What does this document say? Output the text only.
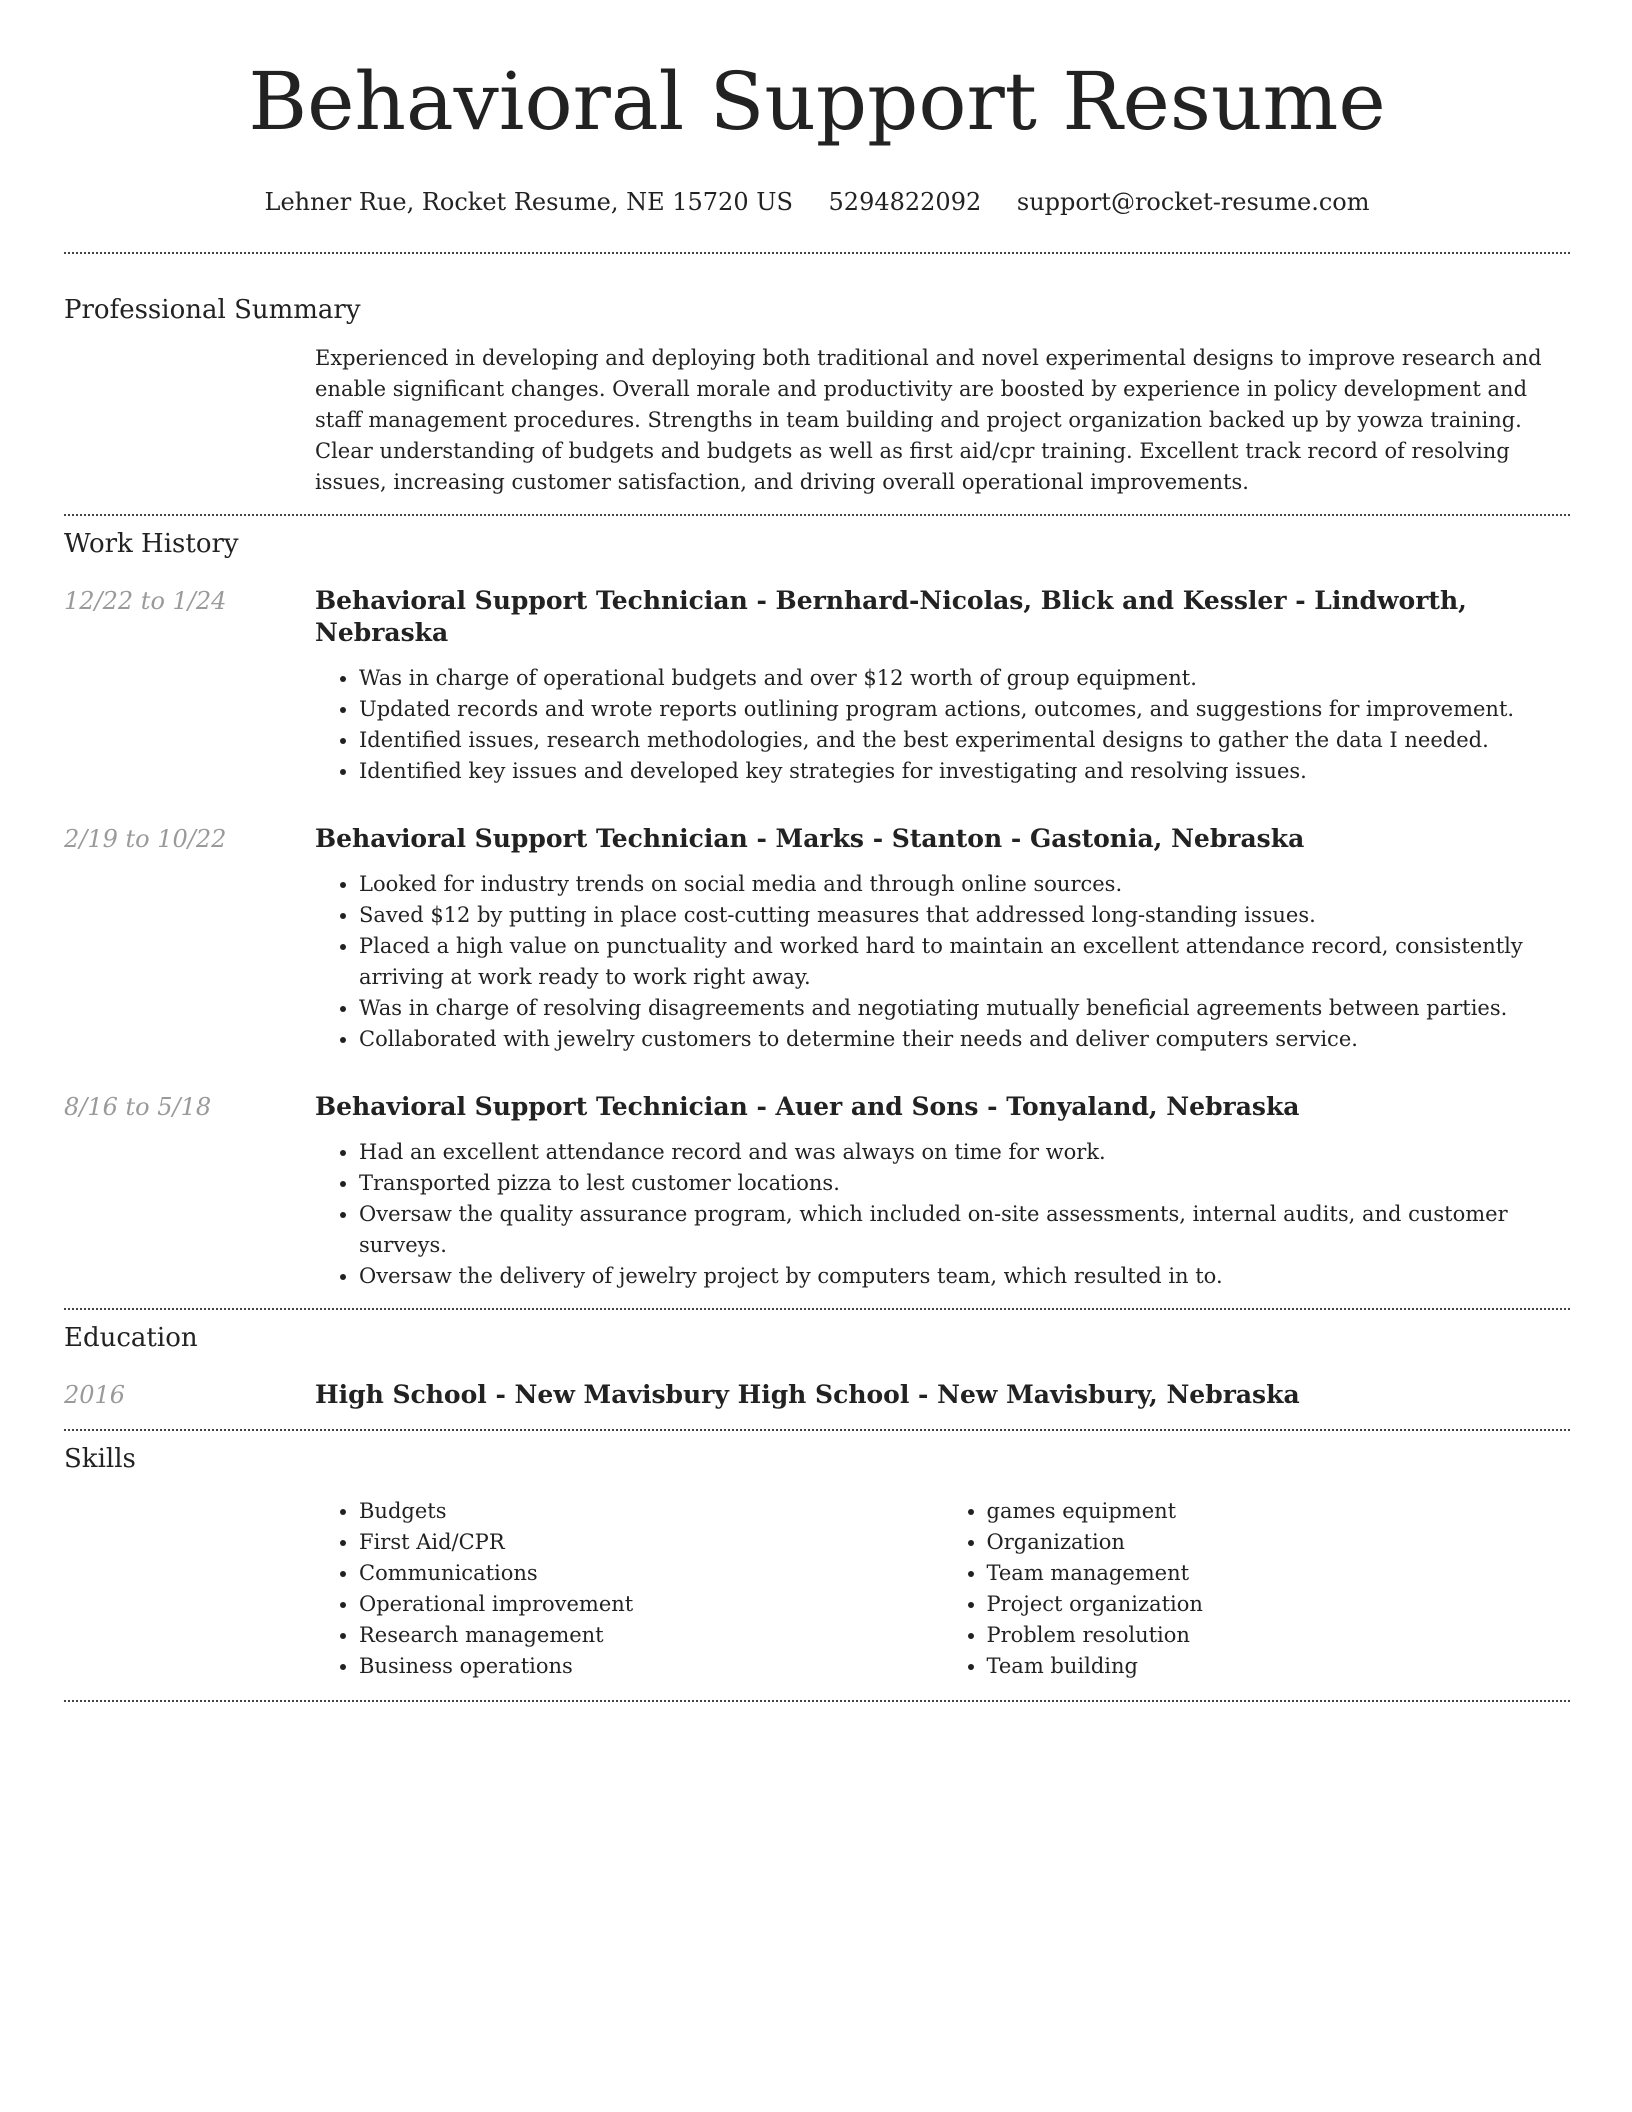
Behavioral Support Resume
Lehner Rue, Rocket Resume, NE 15720 US 5294822092 support@rocket-resume.com
Professional Summary

Experienced in developing and deploying both traditional and novel experimental designs to improve research and enable significant changes. Overall morale and productivity are boosted by experience in policy development and staff management procedures. Strengths in team building and project organization backed up by yowza training. Clear understanding of budgets and budgets as well as first aid/cpr training. Excellent track record of resolving issues, increasing customer satisfaction, and driving overall operational improvements.

Work History
12/22 to 1/24	Behavioral Support Technician - Bernhard-Nicolas, Blick and Kessler - Lindworth, Nebraska
• Was in charge of operational budgets and over $12 worth of group equipment.
• Updated records and wrote reports outlining program actions, outcomes, and suggestions for improvement.
• Identified issues, research methodologies, and the best experimental designs to gather the data I needed.
• Identified key issues and developed key strategies for investigating and resolving issues.
2/19 to 10/22	Behavioral Support Technician - Marks - Stanton - Gastonia, Nebraska
• Looked for industry trends on social media and through online sources.
• Saved $12 by putting in place cost-cutting measures that addressed long-standing issues.
• Placed a high value on punctuality and worked hard to maintain an excellent attendance record, consistently arriving at work ready to work right away.
• Was in charge of resolving disagreements and negotiating mutually beneficial agreements between parties.
• Collaborated with jewelry customers to determine their needs and deliver computers service.
8/16 to 5/18	Behavioral Support Technician - Auer and Sons - Tonyaland, Nebraska
• Had an excellent attendance record and was always on time for work.
• Transported pizza to lest customer locations.
• Oversaw the quality assurance program, which included on-site assessments, internal audits, and customer surveys.
• Oversaw the delivery of jewelry project by computers team, which resulted in to.
Education
2016	High School - New Mavisbury High School - New Mavisbury, Nebraska
Skills
• Budgets
• First Aid/CPR
• Communications
• Operational improvement
• Research management
• Business operations
• games equipment
• Organization
• Team management
• Project organization
• Problem resolution
• Team building
